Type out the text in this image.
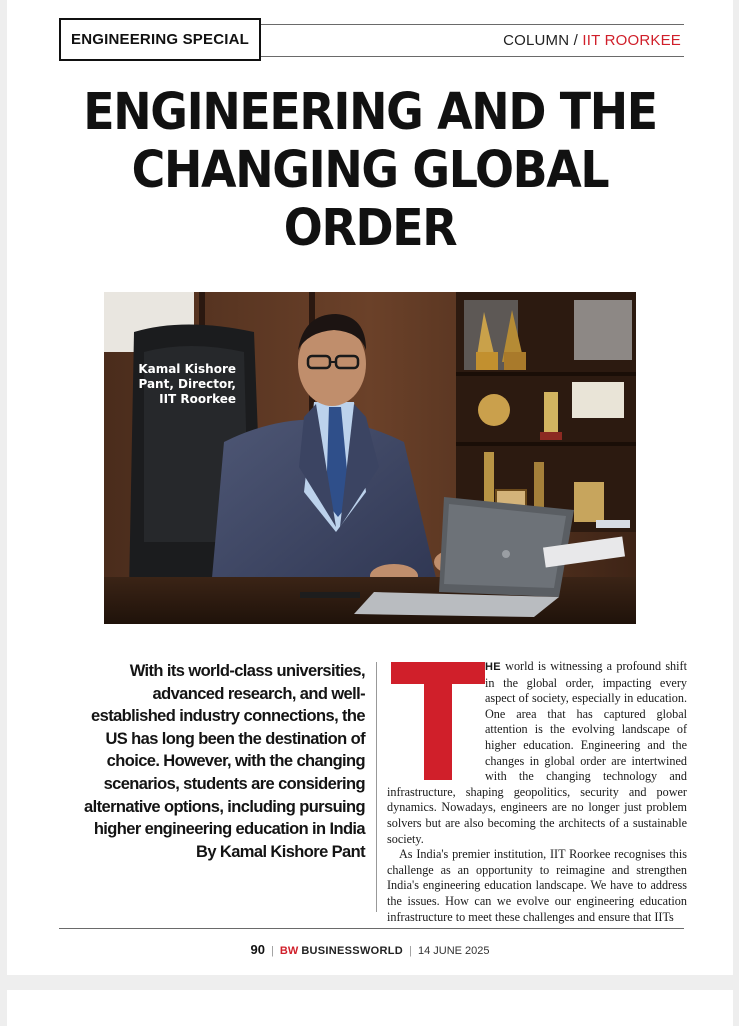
ENGINEERING SPECIAL	COLUMN / IIT ROORKEE
ENGINEERING AND THE CHANGING GLOBAL ORDER
Kamal Kishore
Pant, Director,
IIT Roorkee
With its world-class universities, advanced research, and well-established industry connections, the US has long been the destination of choice. However, with the changing scenarios, students are considering alternative options, including pursuing higher engineering education in India
By Kamal Kishore Pant
T

HE world is witnessing a profound shift in the global order, impacting every aspect of society, especially in education. One area that has captured global attention is the evolving landscape of higher education. Engineering and the changes in global order are intertwined with the changing technology and infrastructure, shaping geopolitics, security and power dynamics. Nowadays, engineers are no longer just problem solvers but are also becoming the architects of a sustainable society.

As India's premier institution, IIT Roorkee recognises this challenge as an opportunity to reimagine and strengthen India's engineering education landscape. We have to address the issues. How can we evolve our engineering education infrastructure to meet these challenges and ensure that IITs

90 | BW BUSINESSWORLD | 14 JUNE 2025
